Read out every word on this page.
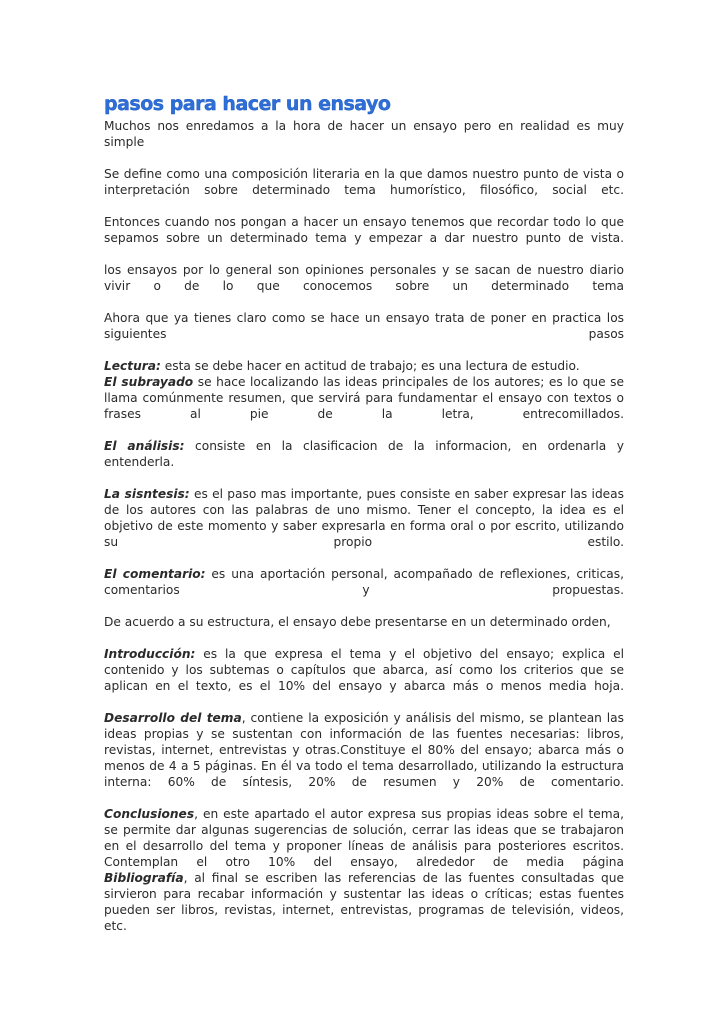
pasos para hacer un ensayo

Muchos nos enredamos a la hora de hacer un ensayo pero en realidad es muy simple

Se define como una composición literaria en la que damos nuestro punto de vista o interpretación sobre determinado tema humorístico, filosófico, social etc.

Entonces cuando nos pongan a hacer un ensayo tenemos que recordar todo lo que sepamos sobre un determinado tema y empezar a dar nuestro punto de vista.

los ensayos por lo general son opiniones personales y se sacan de nuestro diario vivir o de lo que conocemos sobre un determinado tema

Ahora que ya tienes claro como se hace un ensayo trata de poner en practica los siguientes pasos

Lectura: esta se debe hacer en actitud de trabajo; es una lectura de estudio.
El subrayado se hace localizando las ideas principales de los autores; es lo que se llama comúnmente resumen, que servirá para fundamentar el ensayo con textos o frases al pie de la letra, entrecomillados.

El análisis: consiste en la clasificacion de la informacion, en ordenarla y entenderla.

La sisntesis: es el paso mas importante, pues consiste en saber expresar las ideas de los autores con las palabras de uno mismo. Tener el concepto, la idea es el objetivo de este momento y saber expresarla en forma oral o por escrito, utilizando su propio estilo.

El comentario: es una aportación personal, acompañado de reflexiones, criticas, comentarios y propuestas.

De acuerdo a su estructura, el ensayo debe presentarse en un determinado orden,

Introducción: es la que expresa el tema y el objetivo del ensayo; explica el contenido y los subtemas o capítulos que abarca, así como los criterios que se aplican en el texto, es el 10% del ensayo y abarca más o menos media hoja.

Desarrollo del tema, contiene la exposición y análisis del mismo, se plantean las ideas propias y se sustentan con información de las fuentes necesarias: libros, revistas, internet, entrevistas y otras.Constituye el 80% del ensayo; abarca más o menos de 4 a 5 páginas. En él va todo el tema desarrollado, utilizando la estructura interna: 60% de síntesis, 20% de resumen y 20% de comentario.

Conclusiones, en este apartado el autor expresa sus propias ideas sobre el tema, se permite dar algunas sugerencias de solución, cerrar las ideas que se trabajaron en el desarrollo del tema y proponer líneas de análisis para posteriores escritos. Contemplan el otro 10% del ensayo, alrededor de media página
Bibliografía, al final se escriben las referencias de las fuentes consultadas que sirvieron para recabar información y sustentar las ideas o críticas; estas fuentes pueden ser libros, revistas, internet, entrevistas, programas de televisión, videos, etc.
